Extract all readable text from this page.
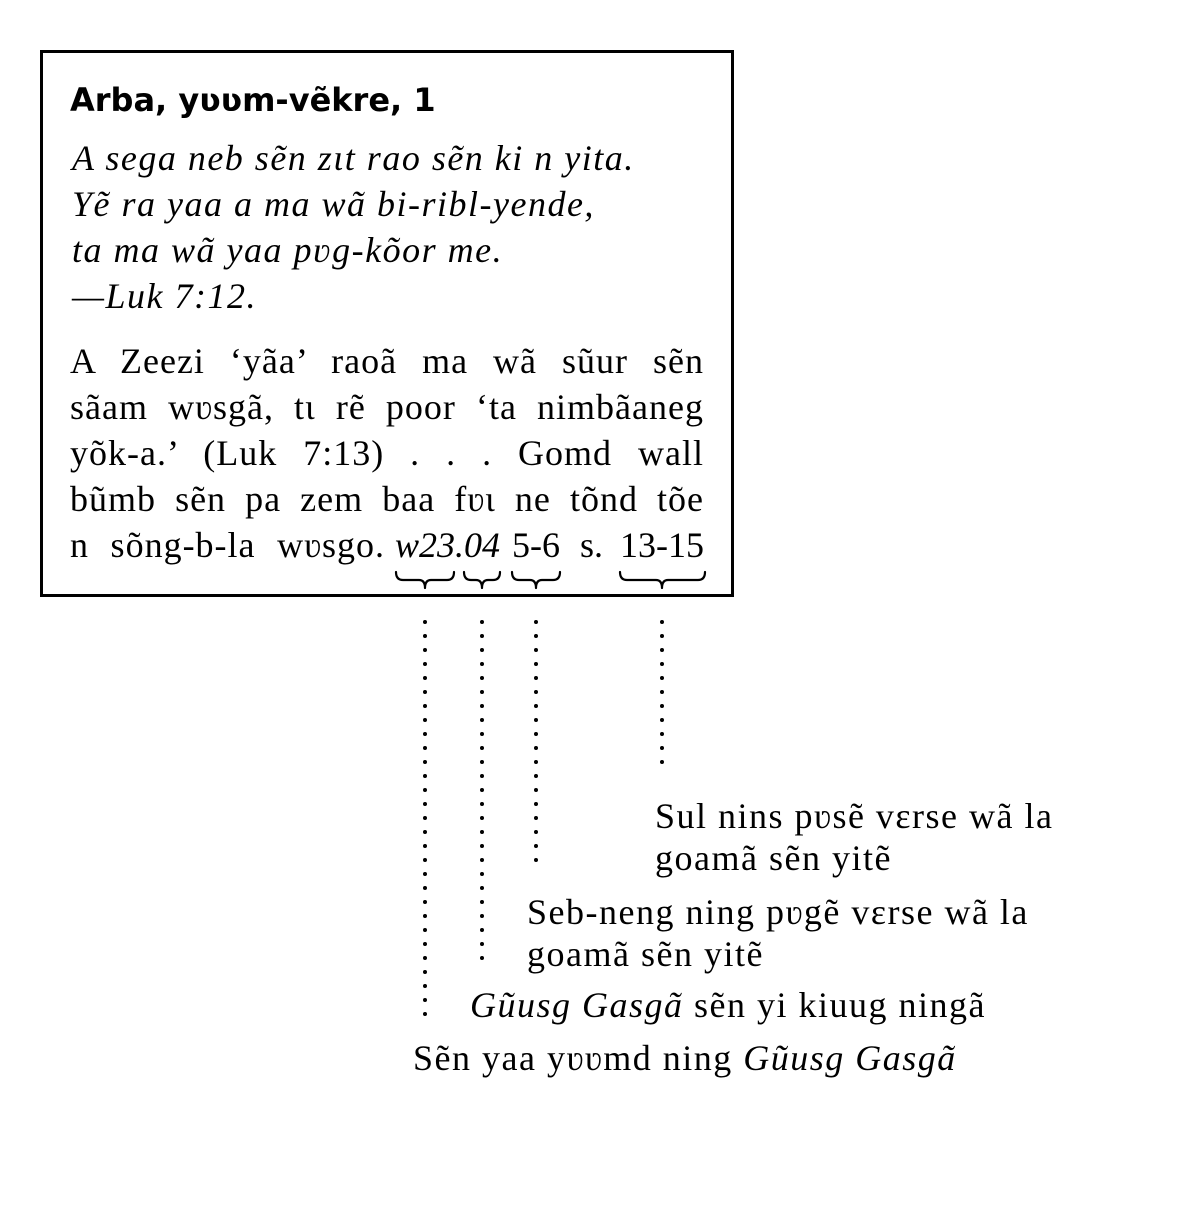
Arba, yʋʋm-vẽkre, 1
A sega neb sẽn zɩt rao sẽn ki n yita.
Yẽ ra yaa a ma wã bi-ribl-yende,
ta ma wã yaa pʋg-kõor me.
—Luk 7:12.
A Zeezi ‘yãa’ raoã ma wã sũur sẽn
sãam wʋsgã, tɩ rẽ poor ‘ta nimbãaneg
yõk-a.’ (Luk 7:13) . . . Gomd wall
bũmb sẽn pa zem baa fʋɩ ne tõnd tõe
n sõng-b-la wʋsgo. w23.04 5-6 s. 13-15
Sul nins pʋsẽ vɛrse wã la
goamã sẽn yitẽ
Seb-neng ning pʋgẽ vɛrse wã la
goamã sẽn yitẽ
Gũusg Gasgã sẽn yi kiuug ningã
Sẽn yaa yʋʋmd ning Gũusg Gasgã
